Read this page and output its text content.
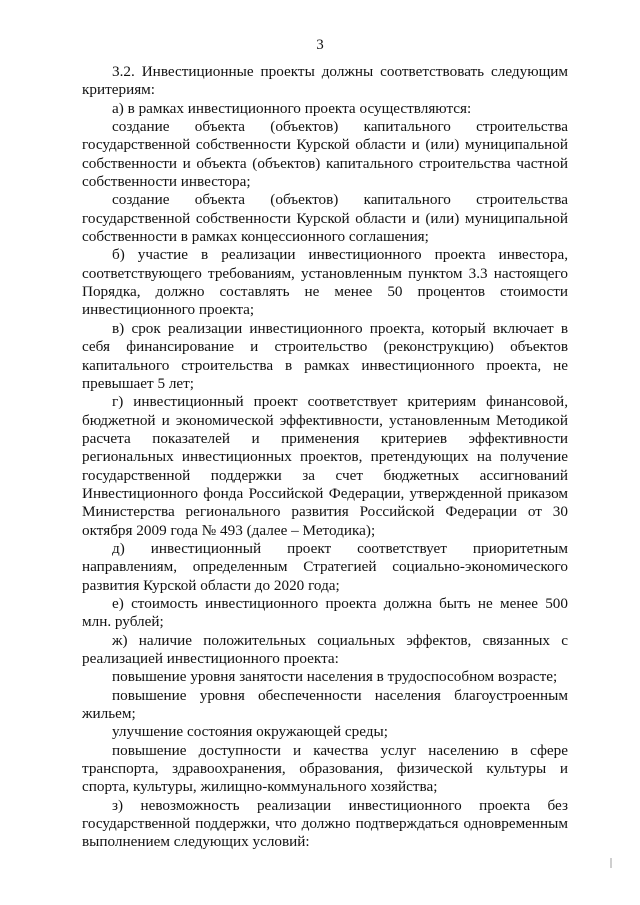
3

3.2. Инвестиционные проекты должны соответствовать следующим критериям:

а) в рамках инвестиционного проекта осуществляются:

создание объекта (объектов) капитального строительства государственной собственности Курской области и (или) муниципальной собственности и объекта (объектов) капитального строительства частной собственности инвестора;

создание объекта (объектов) капитального строительства государственной собственности Курской области и (или) муниципальной собственности в рамках концессионного соглашения;

б) участие в реализации инвестиционного проекта инвестора, соответствующего требованиям, установленным пунктом 3.3 настоящего Порядка, должно составлять не менее 50 процентов стоимости инвестиционного проекта;

в) срок реализации инвестиционного проекта, который включает в себя финансирование и строительство (реконструкцию) объектов капитального строительства в рамках инвестиционного проекта, не превышает 5 лет;

г) инвестиционный проект соответствует критериям финансовой, бюджетной и экономической эффективности, установленным Методикой расчета показателей и применения критериев эффективности региональных инвестиционных проектов, претендующих на получение государственной поддержки за счет бюджетных ассигнований Инвестиционного фонда Российской Федерации, утвержденной приказом Министерства регионального развития Российской Федерации от 30 октября 2009 года № 493 (далее – Методика);

д) инвестиционный проект соответствует приоритетным направлениям, определенным Стратегией социально-экономического развития Курской области до 2020 года;

е) стоимость инвестиционного проекта должна быть не менее 500 млн. рублей;

ж) наличие положительных социальных эффектов, связанных с реализацией инвестиционного проекта:

повышение уровня занятости населения в трудоспособном возрасте;

повышение уровня обеспеченности населения благоустроенным жильем;

улучшение состояния окружающей среды;

повышение доступности и качества услуг населению в сфере транспорта, здравоохранения, образования, физической культуры и спорта, культуры, жилищно-коммунального хозяйства;

з) невозможность реализации инвестиционного проекта без государственной поддержки, что должно подтверждаться одновременным выполнением следующих условий:
